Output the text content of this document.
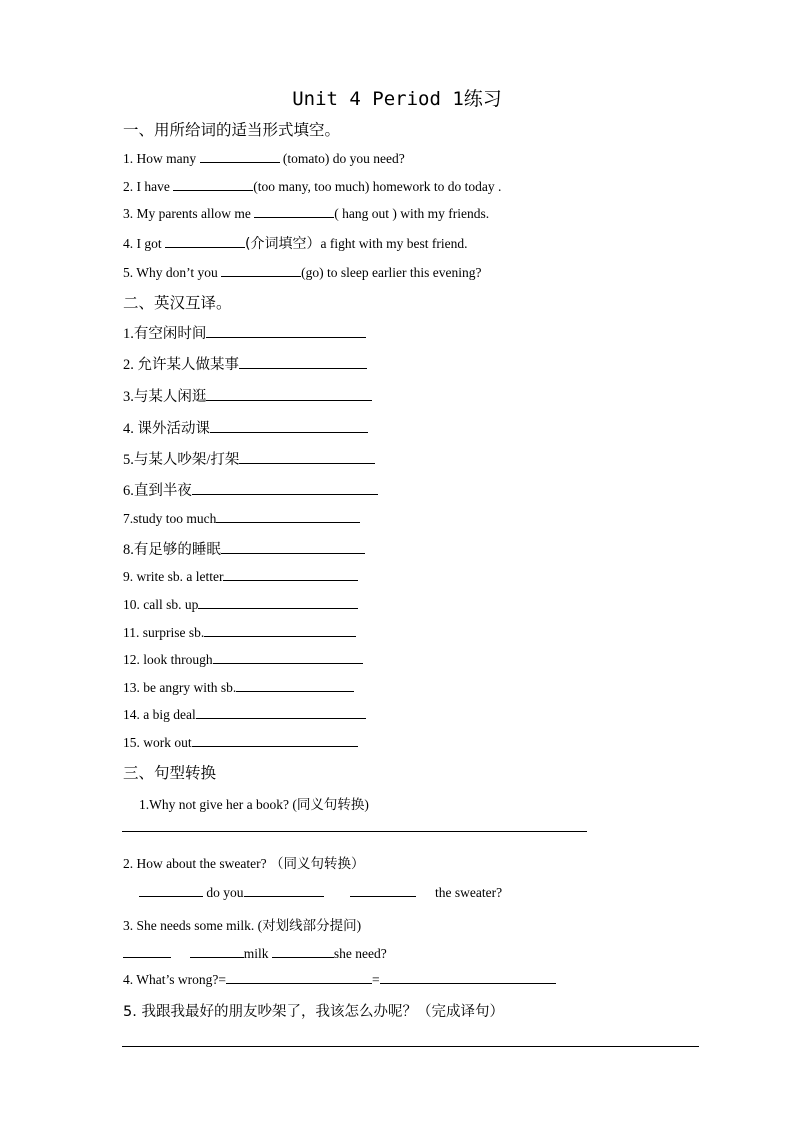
Unit 4 Period 1练习
一、用所给词的适当形式填空。
1. How many	(tomato) do you need?
2. I have	(too many, too much) homework to do today .
3. My parents allow me	( hang out ) with my friends.
4. I got	(介词填空）a fight with my best friend.
5. Why don’t you	(go) to sleep earlier this evening?
二、英汉互译。
1.有空闲时间
2. 允许某人做某事
3.与某人闲逛
4. 课外活动课
5.与某人吵架/打架
6.直到半夜
7.study too much
8.有足够的睡眠
9. write sb. a letter
10. call sb. up
11. surprise sb.
12. look through
13. be angry with sb.
14. a big deal
15. work out
三、句型转换
1.Why not give her a book? (同义句转换)
2. How about the sweater? （同义句转换）
do you	the sweater?
3. She needs some milk. (对划线部分提问)
milk	she need?
4. What’s wrong?=	=
5. 我跟我最好的朋友吵架了，我该怎么办呢？（完成译句）
